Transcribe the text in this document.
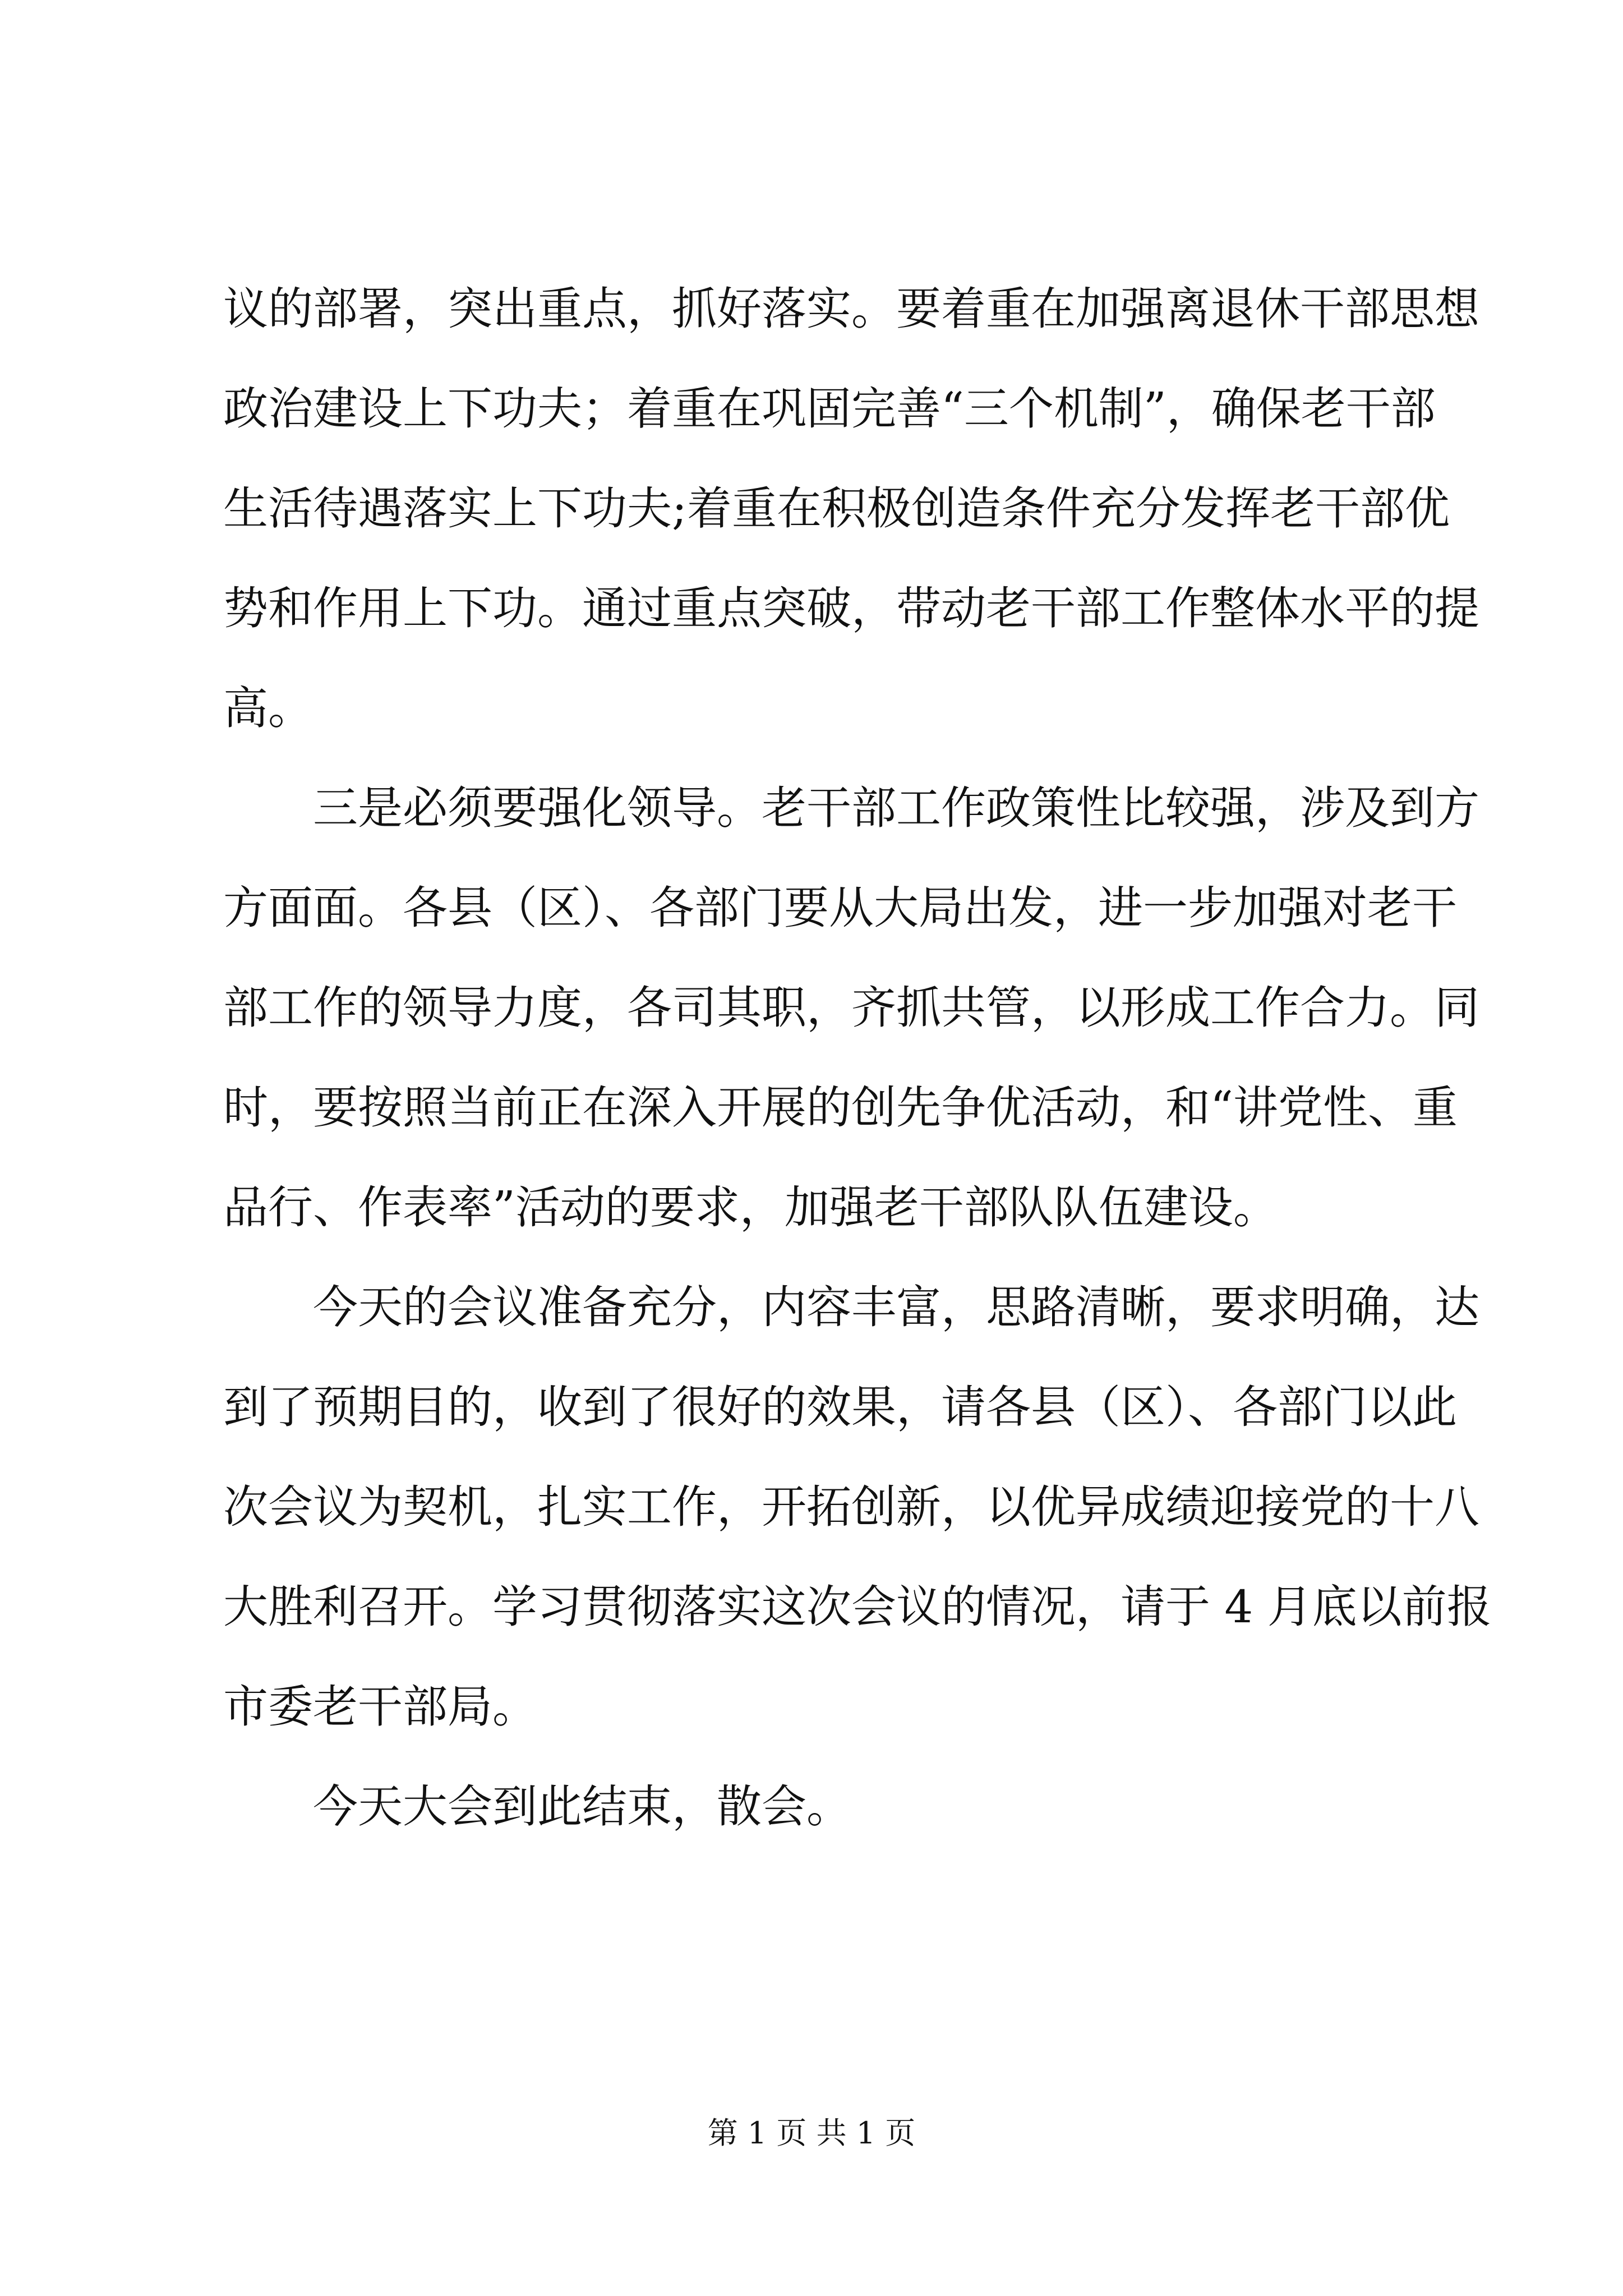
议的部署，突出重点，抓好落实。要着重在加强离退休干部思想
政治建设上下功夫；着重在巩固完善“三个机制”，确保老干部
生活待遇落实上下功夫;着重在积极创造条件充分发挥老干部优
势和作用上下功。通过重点突破，带动老干部工作整体水平的提
高。
三是必须要强化领导。老干部工作政策性比较强，涉及到方
方面面。各县（区）、各部门要从大局出发，进一步加强对老干
部工作的领导力度，各司其职，齐抓共管，以形成工作合力。同
时，要按照当前正在深入开展的创先争优活动，和“讲党性、重
品行、作表率”活动的要求，加强老干部队队伍建设。
今天的会议准备充分，内容丰富，思路清晰，要求明确，达
到了预期目的，收到了很好的效果，请各县（区）、各部门以此
次会议为契机，扎实工作，开拓创新，以优异成绩迎接党的十八
大胜利召开。学习贯彻落实这次会议的情况，请于 4 月底以前报
市委老干部局。
今天大会到此结束，散会。
第 1 页 共 1 页
